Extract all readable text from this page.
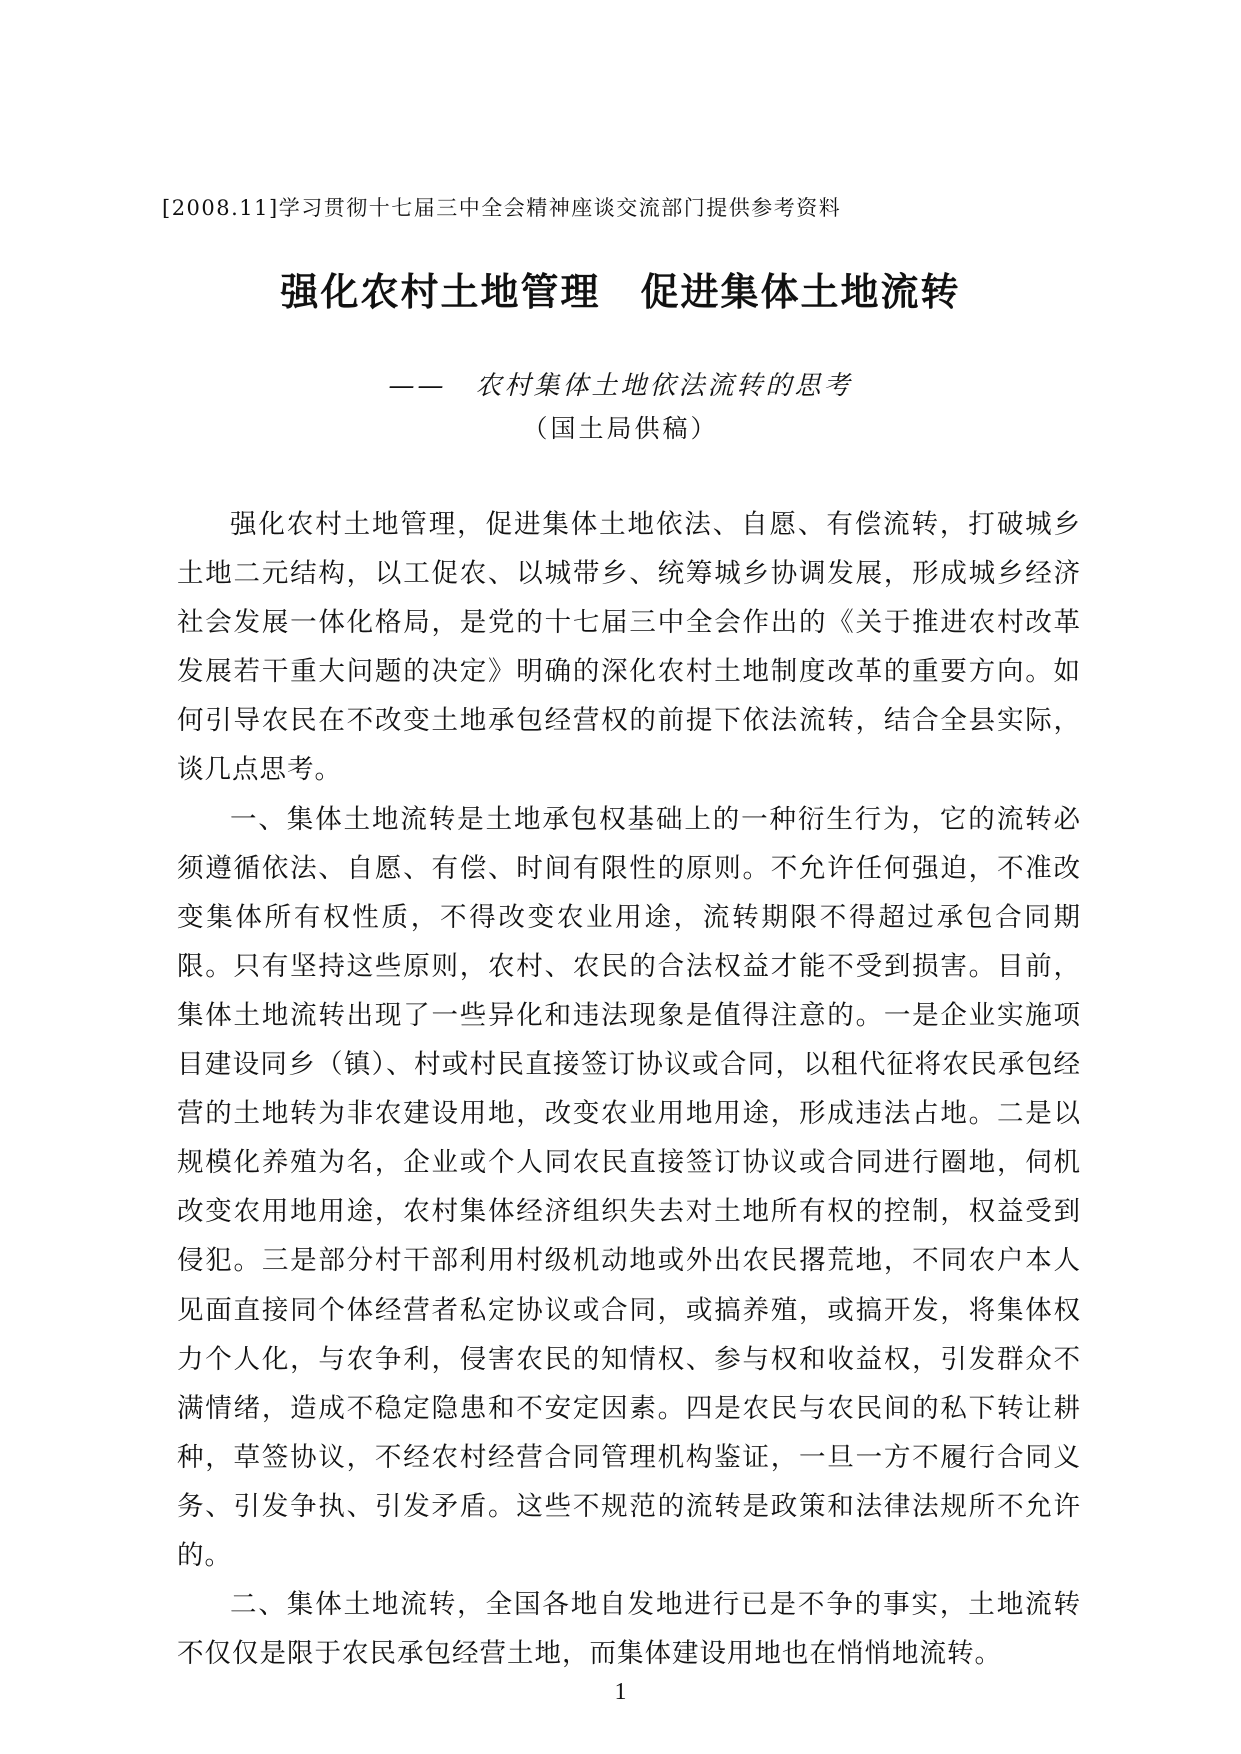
[2008.11]学习贯彻十七届三中全会精神座谈交流部门提供参考资料
强化农村土地管理　促进集体土地流转
——　农村集体土地依法流转的思考
（国土局供稿）

强化农村土地管理，促进集体土地依法、自愿、有偿流转，打破城乡土地二元结构，以工促农、以城带乡、统筹城乡协调发展，形成城乡经济社会发展一体化格局，是党的十七届三中全会作出的《关于推进农村改革发展若干重大问题的决定》明确的深化农村土地制度改革的重要方向。如何引导农民在不改变土地承包经营权的前提下依法流转，结合全县实际，谈几点思考。

一、集体土地流转是土地承包权基础上的一种衍生行为，它的流转必须遵循依法、自愿、有偿、时间有限性的原则。不允许任何强迫，不准改变集体所有权性质，不得改变农业用途，流转期限不得超过承包合同期限。只有坚持这些原则，农村、农民的合法权益才能不受到损害。目前，集体土地流转出现了一些异化和违法现象是值得注意的。一是企业实施项目建设同乡（镇）、村或村民直接签订协议或合同，以租代征将农民承包经营的土地转为非农建设用地，改变农业用地用途，形成违法占地。二是以规模化养殖为名，企业或个人同农民直接签订协议或合同进行圈地，伺机改变农用地用途，农村集体经济组织失去对土地所有权的控制，权益受到侵犯。三是部分村干部利用村级机动地或外出农民撂荒地，不同农户本人见面直接同个体经营者私定协议或合同，或搞养殖，或搞开发，将集体权力个人化，与农争利，侵害农民的知情权、参与权和收益权，引发群众不满情绪，造成不稳定隐患和不安定因素。四是农民与农民间的私下转让耕种，草签协议，不经农村经营合同管理机构鉴证，一旦一方不履行合同义务、引发争执、引发矛盾。这些不规范的流转是政策和法律法规所不允许的。

二、集体土地流转，全国各地自发地进行已是不争的事实，土地流转不仅仅是限于农民承包经营土地，而集体建设用地也在悄悄地流转。

1
